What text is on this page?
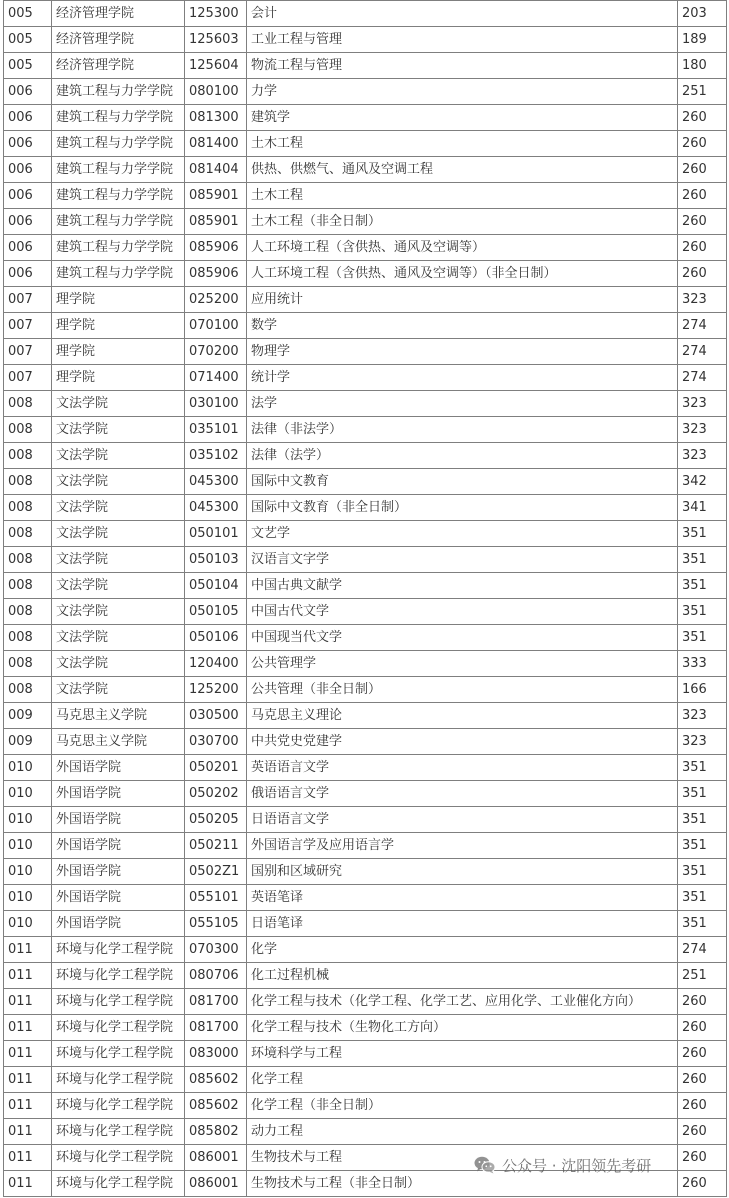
005	经济管理学院	125300	会计	203
005	经济管理学院	125603	工业工程与管理	189
005	经济管理学院	125604	物流工程与管理	180
006	建筑工程与力学学院	080100	力学	251
006	建筑工程与力学学院	081300	建筑学	260
006	建筑工程与力学学院	081400	土木工程	260
006	建筑工程与力学学院	081404	供热、供燃气、通风及空调工程	260
006	建筑工程与力学学院	085901	土木工程	260
006	建筑工程与力学学院	085901	土木工程（非全日制）	260
006	建筑工程与力学学院	085906	人工环境工程（含供热、通风及空调等）	260
006	建筑工程与力学学院	085906	人工环境工程（含供热、通风及空调等）（非全日制）	260
007	理学院	025200	应用统计	323
007	理学院	070100	数学	274
007	理学院	070200	物理学	274
007	理学院	071400	统计学	274
008	文法学院	030100	法学	323
008	文法学院	035101	法律（非法学）	323
008	文法学院	035102	法律（法学）	323
008	文法学院	045300	国际中文教育	342
008	文法学院	045300	国际中文教育（非全日制）	341
008	文法学院	050101	文艺学	351
008	文法学院	050103	汉语言文字学	351
008	文法学院	050104	中国古典文献学	351
008	文法学院	050105	中国古代文学	351
008	文法学院	050106	中国现当代文学	351
008	文法学院	120400	公共管理学	333
008	文法学院	125200	公共管理（非全日制）	166
009	马克思主义学院	030500	马克思主义理论	323
009	马克思主义学院	030700	中共党史党建学	323
010	外国语学院	050201	英语语言文学	351
010	外国语学院	050202	俄语语言文学	351
010	外国语学院	050205	日语语言文学	351
010	外国语学院	050211	外国语言学及应用语言学	351
010	外国语学院	0502Z1	国别和区域研究	351
010	外国语学院	055101	英语笔译	351
010	外国语学院	055105	日语笔译	351
011	环境与化学工程学院	070300	化学	274
011	环境与化学工程学院	080706	化工过程机械	251
011	环境与化学工程学院	081700	化学工程与技术（化学工程、化学工艺、应用化学、工业催化方向）	260
011	环境与化学工程学院	081700	化学工程与技术（生物化工方向）	260
011	环境与化学工程学院	083000	环境科学与工程	260
011	环境与化学工程学院	085602	化学工程	260
011	环境与化学工程学院	085602	化学工程（非全日制）	260
011	环境与化学工程学院	085802	动力工程	260
011	环境与化学工程学院	086001	生物技术与工程	260
011	环境与化学工程学院	086001	生物技术与工程（非全日制）	260
公众号 · 沈阳领先考研
